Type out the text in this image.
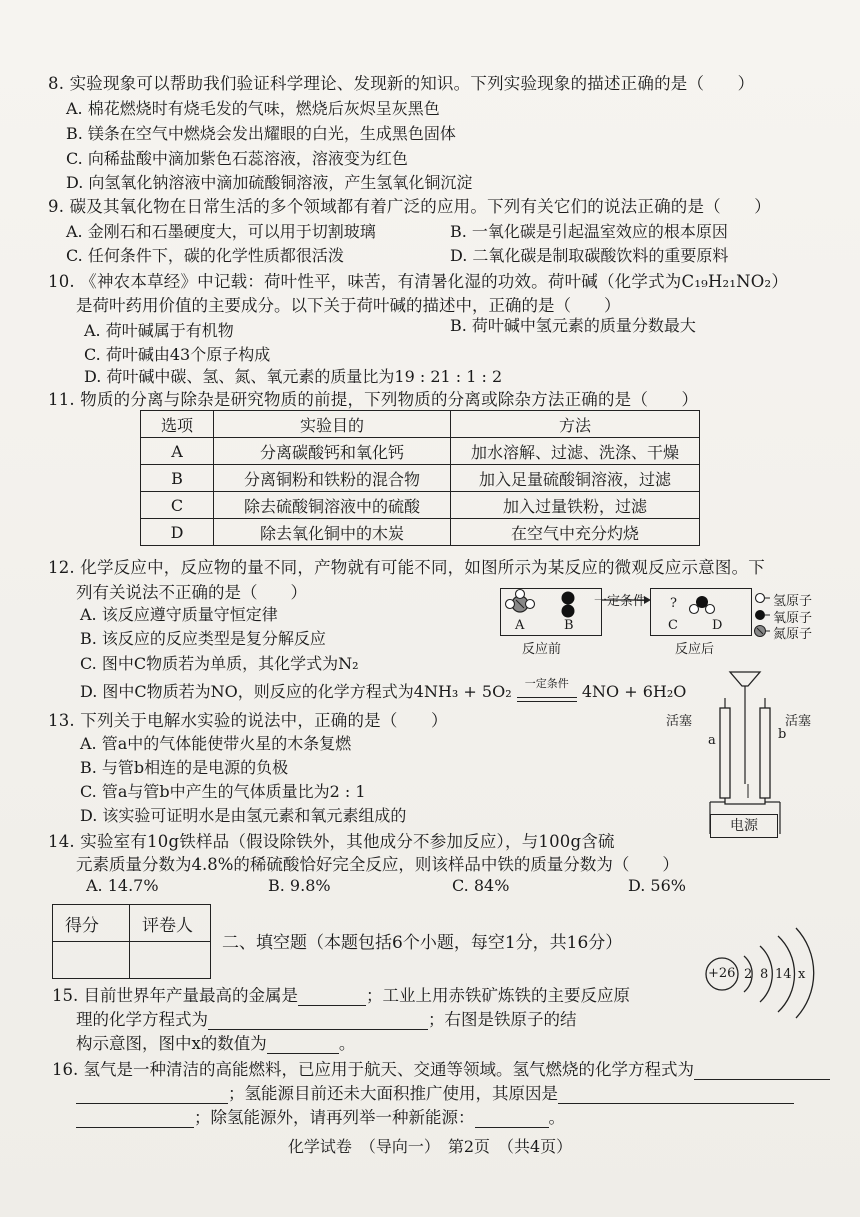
8. 实验现象可以帮助我们验证科学理论、发现新的知识。下列实验现象的描述正确的是（　　）
A. 棉花燃烧时有烧毛发的气味，燃烧后灰烬呈灰黑色
B. 镁条在空气中燃烧会发出耀眼的白光，生成黑色固体
C. 向稀盐酸中滴加紫色石蕊溶液，溶液变为红色
D. 向氢氧化钠溶液中滴加硫酸铜溶液，产生氢氧化铜沉淀
9. 碳及其氧化物在日常生活的多个领域都有着广泛的应用。下列有关它们的说法正确的是（　　）
A. 金刚石和石墨硬度大，可以用于切割玻璃	B. 一氧化碳是引起温室效应的根本原因
C. 任何条件下，碳的化学性质都很活泼	D. 二氧化碳是制取碳酸饮料的重要原料
10. 《神农本草经》中记载：荷叶性平，味苦，有清暑化湿的功效。荷叶碱（化学式为C₁₉H₂₁NO₂）
是荷叶药用价值的主要成分。以下关于荷叶碱的描述中，正确的是（　　）
A. 荷叶碱属于有机物	B. 荷叶碱中氢元素的质量分数最大
C. 荷叶碱由43个原子构成
D. 荷叶碱中碳、氢、氮、氧元素的质量比为19 : 21 : 1 : 2
11. 物质的分离与除杂是研究物质的前提，下列物质的分离或除杂方法正确的是（　　）
选项	实验目的	方法
A	分离碳酸钙和氧化钙	加水溶解、过滤、洗涤、干燥
B	分离铜粉和铁粉的混合物	加入足量硫酸铜溶液，过滤
C	除去硫酸铜溶液中的硫酸	加入过量铁粉，过滤
D	除去氧化铜中的木炭	在空气中充分灼烧
12. 化学反应中，反应物的量不同，产物就有可能不同，如图所示为某反应的微观反应示意图。下
列有关说法不正确的是（　　）
A. 该反应遵守质量守恒定律
B. 该反应的反应类型是复分解反应
C. 图中C物质若为单质，其化学式为N₂
D. 图中C物质若为NO，则反应的化学方程式为4NH₃ + 5O₂	一定条件 4NO + 6H₂O
一定条件
A	B
?
C	D
反应前	反应后
氢原子
氧原子
氮原子
13. 下列关于电解水实验的说法中，正确的是（　　）
A. 管a中的气体能使带火星的木条复燃
B. 与管b相连的是电源的负极
C. 管a与管b中产生的气体质量比为2 : 1
D. 该实验可证明水是由氢元素和氧元素组成的
活塞	活塞
a	b
电源
14. 实验室有10g铁样品（假设除铁外，其他成分不参加反应），与100g含硫
元素质量分数为4.8%的稀硫酸恰好完全反应，则该样品中铁的质量分数为（　　）
A. 14.7%	B. 9.8%	C. 84%	D. 56%
得分	评卷人

二、填空题（本题包括6个小题，每空1分，共16分）
15. 目前世界年产量最高的金属是	；工业上用赤铁矿炼铁的主要反应原
理的化学方程式为	；右图是铁原子的结
构示意图，图中x的数值为	。
+26 2 8 14 x
16. 氢气是一种清洁的高能燃料，已应用于航天、交通等领域。氢气燃烧的化学方程式为
；氢能源目前还未大面积推广使用，其原因是
；除氢能源外，请再列举一种新能源：	。
化学试卷　（导向一）　第2页　（共4页）
